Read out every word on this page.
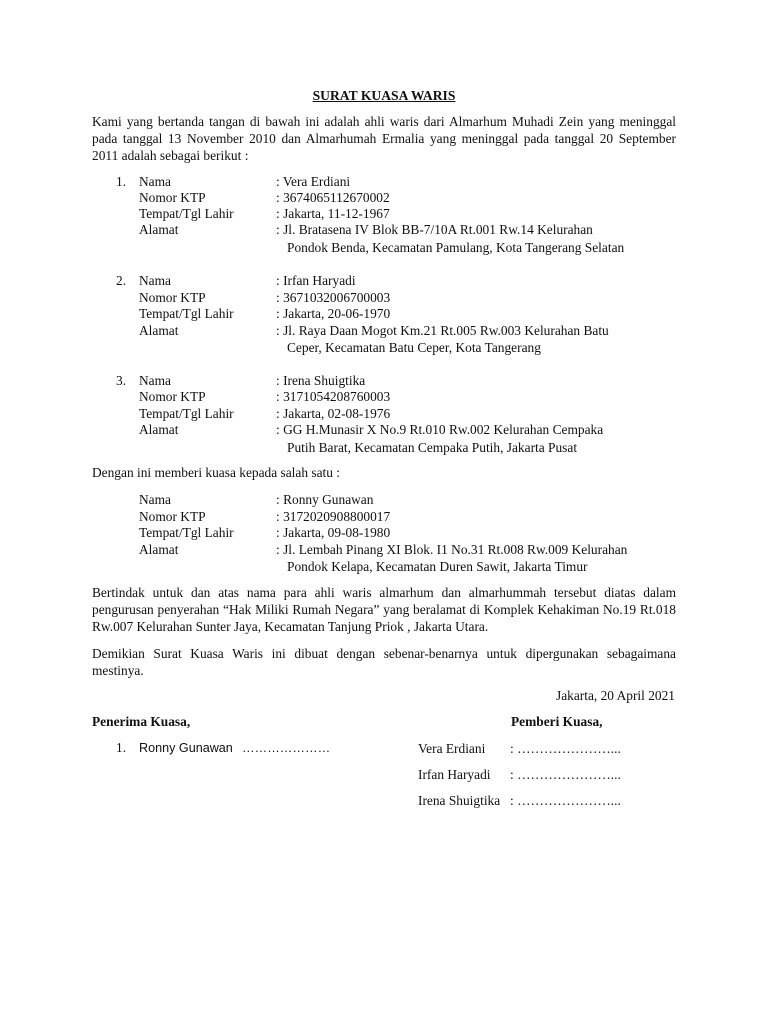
SURAT KUASA WARIS
Kami yang bertanda tangan di bawah ini adalah ahli waris dari Almarhum Muhadi Zein yang meninggal pada tanggal 13 November 2010 dan Almarhumah Ermalia yang meninggal pada tanggal 20 September 2011 adalah sebagai berikut :
1. Nama
Nomor KTP
Tempat/Tgl Lahir
Alamat
: Vera Erdiani
: 3674065112670002
: Jakarta, 11-12-1967
: Jl. Bratasena IV Blok BB-7/10A Rt.001 Rw.14 Kelurahan
Pondok Benda, Kecamatan Pamulang, Kota Tangerang Selatan
2. Nama
Nomor KTP
Tempat/Tgl Lahir
Alamat
: Irfan Haryadi
: 3671032006700003
: Jakarta, 20-06-1970
: Jl. Raya Daan Mogot Km.21 Rt.005 Rw.003 Kelurahan Batu
Ceper, Kecamatan Batu Ceper, Kota Tangerang
3. Nama
Nomor KTP
Tempat/Tgl Lahir
Alamat
: Irena Shuigtika
: 3171054208760003
: Jakarta, 02-08-1976
: GG H.Munasir X No.9 Rt.010 Rw.002 Kelurahan Cempaka
Putih Barat, Kecamatan Cempaka Putih, Jakarta Pusat
Dengan ini memberi kuasa kepada salah satu :
Nama
Nomor KTP
Tempat/Tgl Lahir
Alamat
: Ronny Gunawan
: 3172020908800017
: Jakarta, 09-08-1980
: Jl. Lembah Pinang XI Blok. I1 No.31 Rt.008 Rw.009 Kelurahan
Pondok Kelapa, Kecamatan Duren Sawit, Jakarta Timur
Bertindak untuk dan atas nama para ahli waris almarhum dan almarhummah tersebut diatas dalam pengurusan penyerahan “Hak Miliki Rumah Negara” yang beralamat di Komplek Kehakiman No.19 Rt.018 Rw.007 Kelurahan Sunter Jaya, Kecamatan Tanjung Priok , Jakarta Utara.
Demikian Surat Kuasa Waris ini dibuat dengan sebenar-benarnya untuk dipergunakan sebagaimana mestinya.
Jakarta, 20 April 2021
Penerima Kuasa,	Pemberi Kuasa,
1. Ronny Gunawan …………………	Vera Erdiani : …………………...
Irfan Haryadi : …………………...
Irena Shuigtika : …………………...
